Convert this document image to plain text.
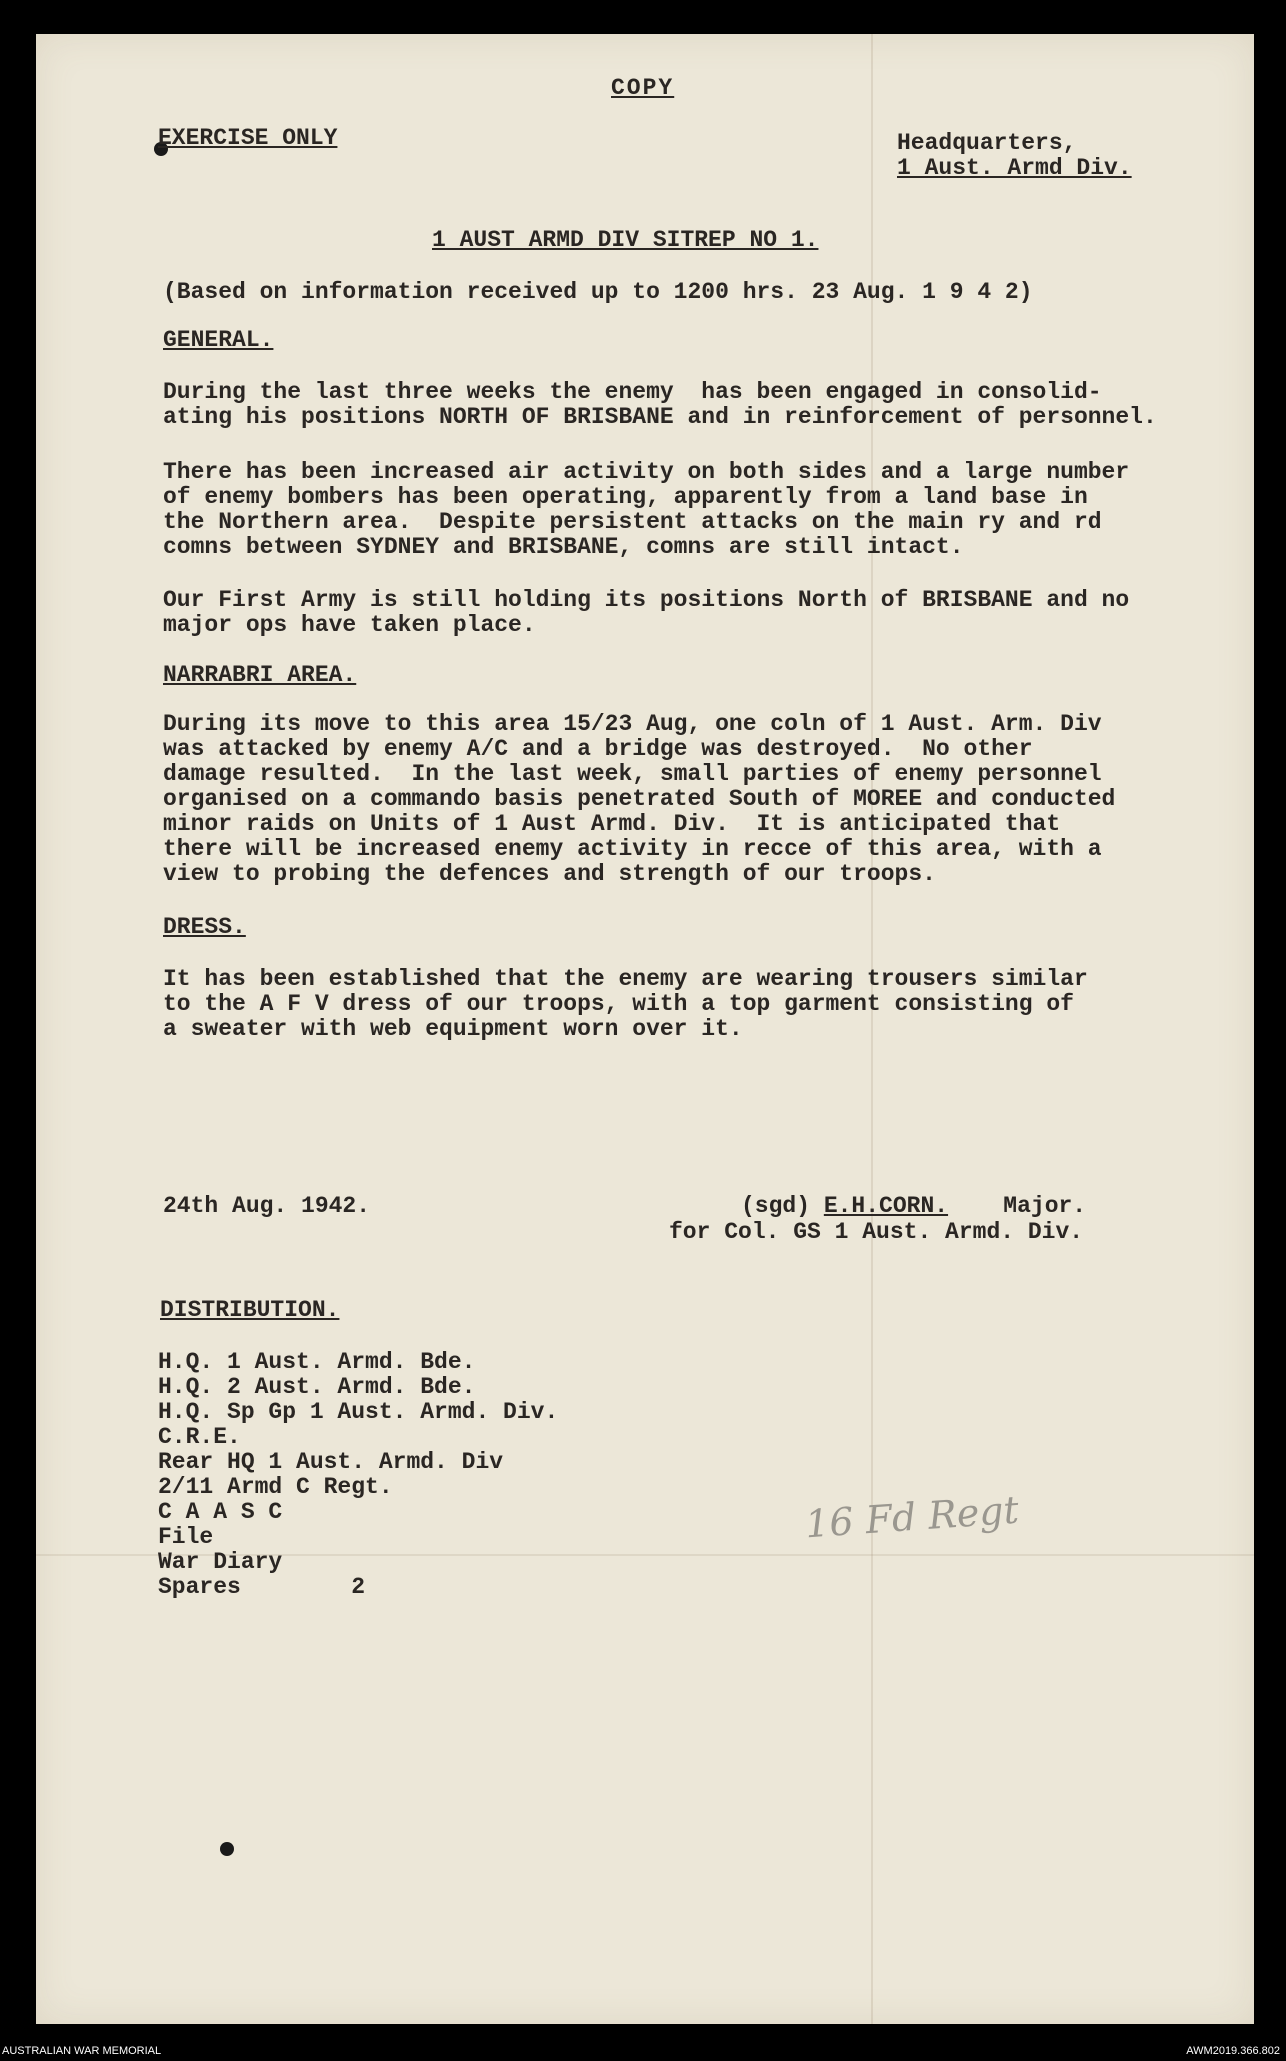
COPY

EXERCISE ONLY	Headquarters,

1 Aust. Armd Div.

1 AUST ARMD DIV SITREP NO 1.

(Based on information received up to 1200 hrs. 23 Aug. 1 9 4 2)

GENERAL.

During the last three weeks the enemy  has been engaged in consolid-
ating his positions NORTH OF BRISBANE and in reinforcement of personnel.

There has been increased air activity on both sides and a large number
of enemy bombers has been operating, apparently from a land base in
the Northern area.  Despite persistent attacks on the main ry and rd
comns between SYDNEY and BRISBANE, comns are still intact.

Our First Army is still holding its positions North of BRISBANE and no
major ops have taken place.

NARRABRI AREA.

During its move to this area 15/23 Aug, one coln of 1 Aust. Arm. Div
was attacked by enemy A/C and a bridge was destroyed.  No other
damage resulted.  In the last week, small parties of enemy personnel
organised on a commando basis penetrated South of MOREE and conducted
minor raids on Units of 1 Aust Armd. Div.  It is anticipated that
there will be increased enemy activity in recce of this area, with a
view to probing the defences and strength of our troops.

DRESS.

It has been established that the enemy are wearing trousers similar
to the A F V dress of our troops, with a top garment consisting of
a sweater with web equipment worn over it.

24th Aug. 1942.	(sgd) E.H.CORN. Major.

for Col. GS 1 Aust. Armd. Div.

DISTRIBUTION.

H.Q. 1 Aust. Armd. Bde.

H.Q. 2 Aust. Armd. Bde.

H.Q. Sp Gp 1 Aust. Armd. Div.

C.R.E.

Rear HQ 1 Aust. Armd. Div

2/11 Armd C Regt.

C A A S C

File

War Diary

Spares        2

16 Fd Regt
AUSTRALIAN WAR MEMORIAL	AWM2019.366.802
